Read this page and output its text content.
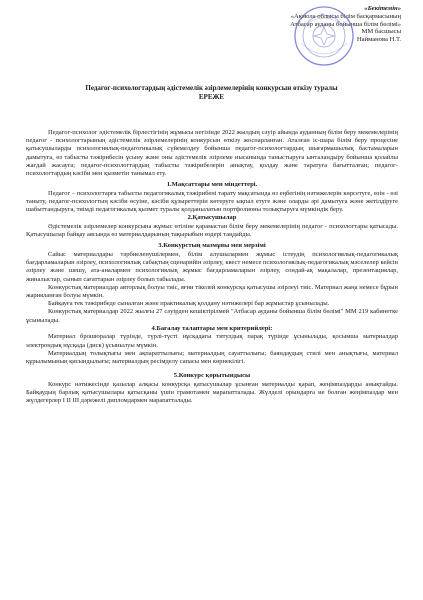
«Бекітемін»
«Ақмола облысы білім басқармасының
Атбасар ауданы бойынша білім бөлімі»
ММ басшысы
Найманова Н.Т.
Педагог-психологтардың әдістемелік әзірлемелерінің конкурсын өткізу туралы
ЕРЕЖЕ

Педагог-психолог әдістемелік бірлестігінің жұмысы негізінде 2022 жылдың сәуір айында ауданның білім беру мекемелерінің педагог - психологтарының әдістемелік әзірлемелерінің конкурсын өткізу жоспарланған. Аталған іс-шара білім беру процесіне қатысушыларды психологиялық-педагогикалық сүйемелдеу бойынша педагог-психологтардың шығармашылық бастамаларын дамытуға, өз табысты тәжірибесін ұсыну және оны әдістемелік әзірлеме нысанында таныстыруға ынталандыру бойынша қолайлы жағдай жасауға; педагог-психологтардың табысты тәжірибелерін анықтау, қолдау және таратуға бағытталған; педагог-психологтардың кәсіби мен қызметін танымал ету.

1.Мақсаттары мен міндеттері.

Педагог – психологтарға табысты педагогикалық тәжірибені тарату мақсатында өз еңбегінің нәтижелерін көрсетуге, өзін - өзі таныту, педагог-психологтың кәсіби өсуіне, кәсіби құзыреттерін көтеруге ықпал етуге және оларды әрі дамытуға және жетілдіруге шабыттандыруға, тиімді педагогикалық қызмет туралы қолданылатын портфолионы толықтыруға мүмкіндік беру.

2.Қатысушылар

Әдістемелік әзірлемелер конкурсына жұмыс өтіліне қарамастан білім беру мекемелерінің педагог - психологтары қатысады. Қатысушылар байқау аясында өз материалдарының тақырыбын өздері таңдайды.

3.Конкурстың мазмұны мен мерзімі

Сайыс материалдары тәрбиеленушілермен, білім алушылармен жұмыс істеудің психологиялық-педагогикалық бағдарламаларын әзірлеу, психологиялық сабақтың сценарийін әзірлеу, квест немесе психологиялық-педагогикалық мәселелер кейсін әзірлеу және шешу, ата-аналармен психологиялық жұмыс бағдарламаларын әзірлеу, сондай-ақ мақалалар, презентациялар, жиналыстар, сынып сағаттарын әзірлеу болып табылады.

Конкурстық материалдар авторлық болуы тиіс, яғни тікелей конкурсқа қатысушы әзірлеуі тиіс. Материал жаңа немесе бұрын жарияланған болуы мүмкін.

Байқауға тек тәжірибеде сыналған және практикалық қолдану нәтижелері бар жұмыстар ұсынылады.

Конкурстық материалдар 2022 жылғы 27 сәуірден кешіктірілмей "Атбасар ауданы бойынша білім бөлімі" ММ 219 кабинетке ұсынылады.

4.Бағалау талаптары мен критерийлері:

Материал брошюралар түрінде, түрлі-түсті нұсқадағы титулдық парақ түрінде ұсынылады, қосымша материалдар электрондық нұсқада (диск) ұсынылуы мүмкін.

Материалдың толықтығы мен ақпараттылығы; материалдың сауаттылығы; баяндаудың стилі мен анықтығы, материал құрылымының қисындылығы; материалдың ресімделу сапасы мен көрнекілігі.

5.Конкурс қорытындысы

Конкурс нәтижесінде қазылар алқасы конкурсқа қатысушылар ұсынған материалды қарап, жеңімпаздарды анықтайды. Байқаудың барлық қатысушылары қатысқаны үшін грамотамен марапатталады. Жүлделі орындарға ие болған жеңімпаздар мен жүлдегерлер I II III дәрежелі дипломдармен марапатталады.
